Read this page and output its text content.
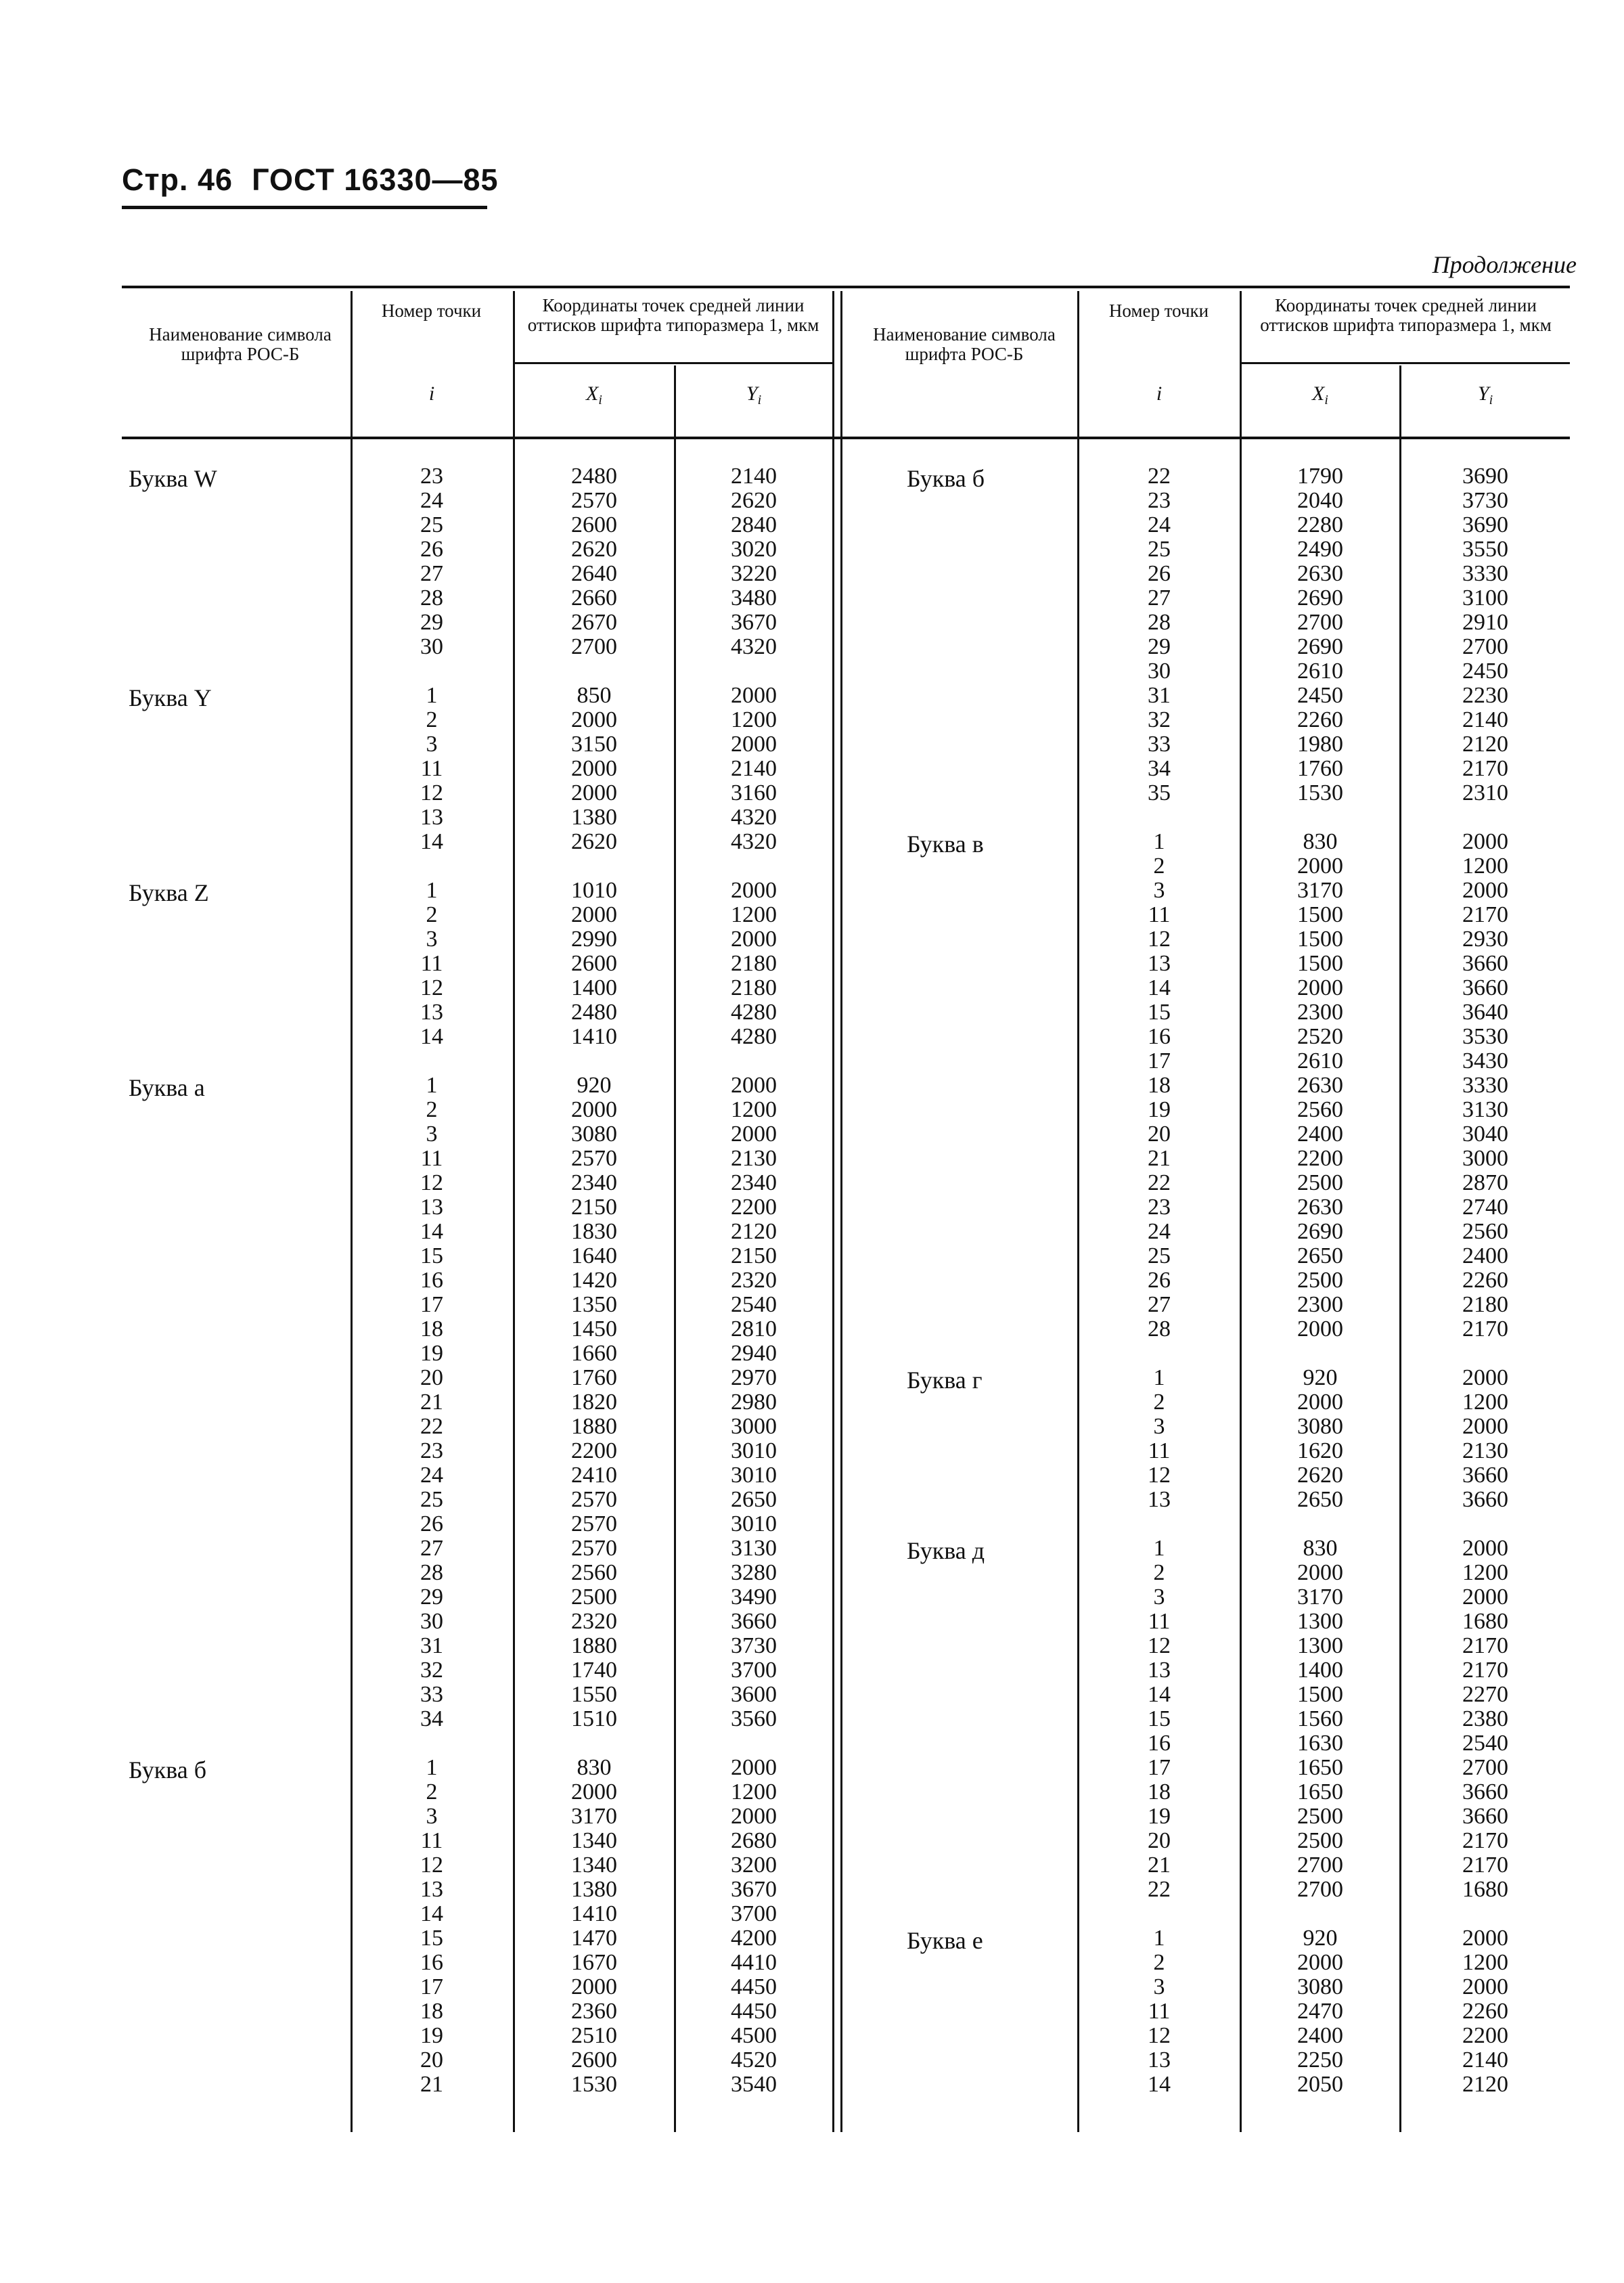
Стр. 46 ГОСТ 16330—85
Продолжение
Наименование символа шрифта РОС-Б
Номер точки	Координаты точек средней линии оттисков шрифта типоразмера 1, мкм
i	$X_i$	$Y_i$
Наименование символа шрифта РОС-Б
Номер точки	Координаты точек средней линии оттисков шрифта типоразмера 1, мкм
i	$X_i$	$Y_i$
Буква W	23	2480	2140
24	2570	2620
25	2600	2840
26	2620	3020
27	2640	3220
28	2660	3480
29	2670	3670
30	2700	4320
Буква Y	1	850	2000
2	2000	1200
3	3150	2000
11	2000	2140
12	2000	3160
13	1380	4320
14	2620	4320
Буква Z	1	1010	2000
2	2000	1200
3	2990	2000
11	2600	2180
12	1400	2180
13	2480	4280
14	1410	4280
Буква a	1	920	2000
2	2000	1200
3	3080	2000
11	2570	2130
12	2340	2340
13	2150	2200
14	1830	2120
15	1640	2150
16	1420	2320
17	1350	2540
18	1450	2810
19	1660	2940
20	1760	2970
21	1820	2980
22	1880	3000
23	2200	3010
24	2410	3010
25	2570	2650
26	2570	3010
27	2570	3130
28	2560	3280
29	2500	3490
30	2320	3660
31	1880	3730
32	1740	3700
33	1550	3600
34	1510	3560
Буква б	1	830	2000
2	2000	1200
3	3170	2000
11	1340	2680
12	1340	3200
13	1380	3670
14	1410	3700
15	1470	4200
16	1670	4410
17	2000	4450
18	2360	4450
19	2510	4500
20	2600	4520
21	1530	3540
Буква б	22	1790	3690
23	2040	3730
24	2280	3690
25	2490	3550
26	2630	3330
27	2690	3100
28	2700	2910
29	2690	2700
30	2610	2450
31	2450	2230
32	2260	2140
33	1980	2120
34	1760	2170
35	1530	2310
Буква в	1	830	2000
2	2000	1200
3	3170	2000
11	1500	2170
12	1500	2930
13	1500	3660
14	2000	3660
15	2300	3640
16	2520	3530
17	2610	3430
18	2630	3330
19	2560	3130
20	2400	3040
21	2200	3000
22	2500	2870
23	2630	2740
24	2690	2560
25	2650	2400
26	2500	2260
27	2300	2180
28	2000	2170
Буква г	1	920	2000
2	2000	1200
3	3080	2000
11	1620	2130
12	2620	3660
13	2650	3660
Буква д	1	830	2000
2	2000	1200
3	3170	2000
11	1300	1680
12	1300	2170
13	1400	2170
14	1500	2270
15	1560	2380
16	1630	2540
17	1650	2700
18	1650	3660
19	2500	3660
20	2500	2170
21	2700	2170
22	2700	1680
Буква е	1	920	2000
2	2000	1200
3	3080	2000
11	2470	2260
12	2400	2200
13	2250	2140
14	2050	2120
